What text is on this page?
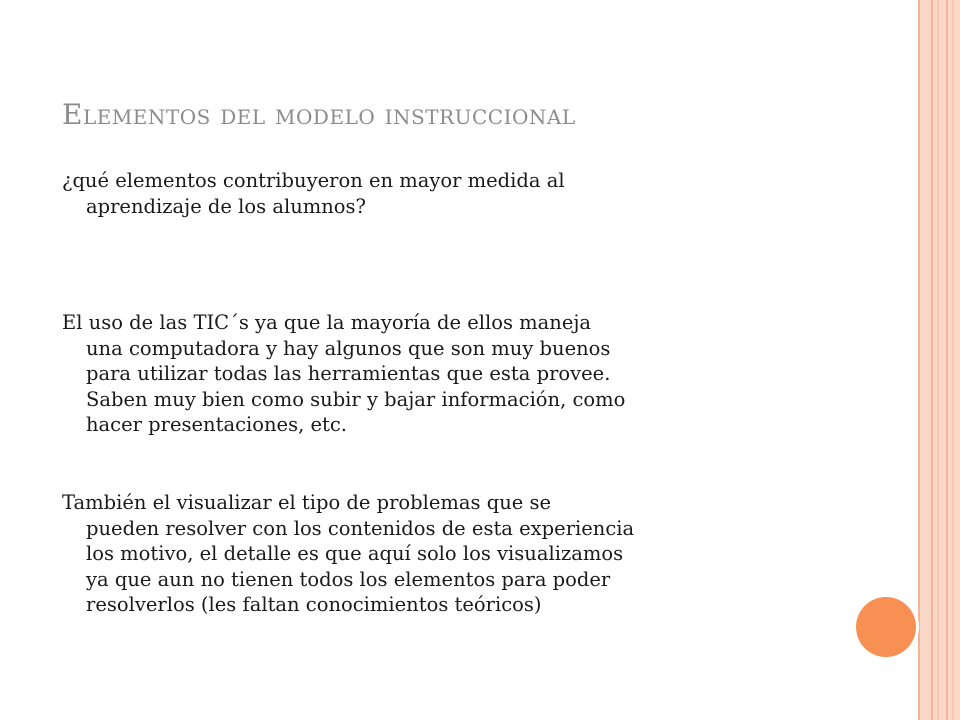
Elementos del modelo instruccional

¿qué elementos contribuyeron en mayor medida al
aprendizaje de los alumnos?

El uso de las TIC´s ya que la mayoría de ellos maneja
una computadora y hay algunos que son muy buenos
para utilizar todas las herramientas que esta provee.
Saben muy bien como subir y bajar información, como
hacer presentaciones, etc.

También el visualizar el tipo de problemas que se
pueden resolver con los contenidos de esta experiencia
los motivo, el detalle es que aquí solo los visualizamos
ya que aun no tienen todos los elementos para poder
resolverlos (les faltan conocimientos teóricos)
